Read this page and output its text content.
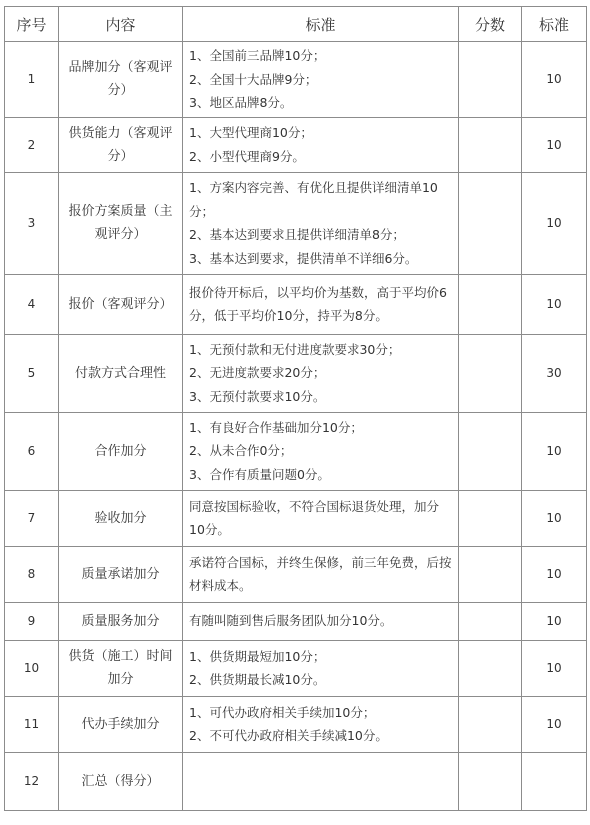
序号	内容	标准	分数	标准
1	品牌加分（客观评分）	1、全国前三品牌10分；
2、全国十大品牌9分；
3、地区品牌8分。		10
2	供货能力（客观评分）	1、大型代理商10分；
2、小型代理商9分。		10
3	报价方案质量（主观评分）	1、方案内容完善、有优化且提供详细清单10分；
2、基本达到要求且提供详细清单8分；
3、基本达到要求，提供清单不详细6分。		10
4	报价（客观评分）	报价待开标后，以平均价为基数，高于平均价6分，低于平均价10分，持平为8分。		10
5	付款方式合理性	1、无预付款和无付进度款要求30分；
2、无进度款要求20分；
3、无预付款要求10分。		30
6	合作加分	1、有良好合作基础加分10分；
2、从未合作0分；
3、合作有质量问题0分。		10
7	验收加分	同意按国标验收，不符合国标退货处理，加分10分。		10
8	质量承诺加分	承诺符合国标，并终生保修，前三年免费，后按材料成本。		10
9	质量服务加分	有随叫随到售后服务团队加分10分。		10
10	供货（施工）时间加分	1、供货期最短加10分；
2、供货期最长减10分。		10
11	代办手续加分	1、可代办政府相关手续加10分；
2、不可代办政府相关手续减10分。		10
12	汇总（得分）			
